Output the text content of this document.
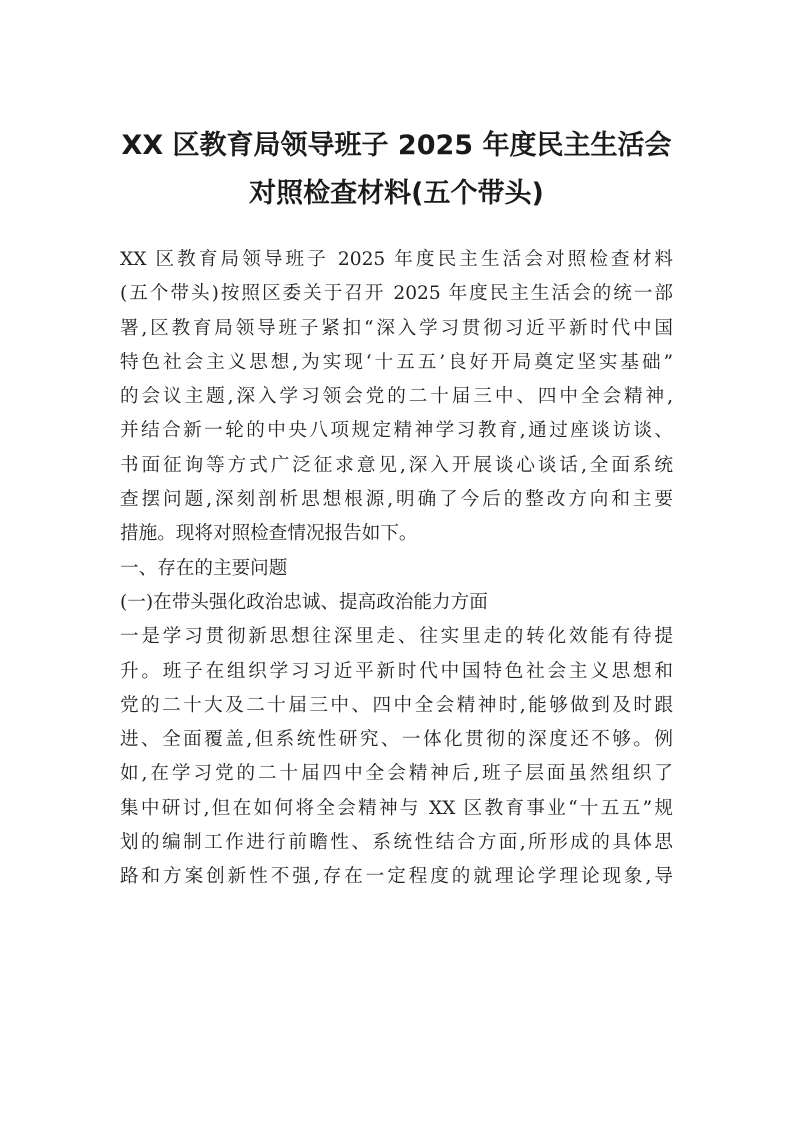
XX 区教育局领导班子 2025 年度民主生活会
对照检查材料(五个带头)
XX 区教育局领导班子 2025 年度民主生活会对照检查材料
(五个带头)按照区委关于召开 2025 年度民主生活会的统一部
署,区教育局领导班子紧扣“深入学习贯彻习近平新时代中国
特色社会主义思想,为实现‘十五五’良好开局奠定坚实基础”
的会议主题,深入学习领会党的二十届三中、四中全会精神,
并结合新一轮的中央八项规定精神学习教育,通过座谈访谈、
书面征询等方式广泛征求意见,深入开展谈心谈话,全面系统
查摆问题,深刻剖析思想根源,明确了今后的整改方向和主要
措施。现将对照检查情况报告如下。
一、存在的主要问题
(一)在带头强化政治忠诚、提高政治能力方面
一是学习贯彻新思想往深里走、往实里走的转化效能有待提
升。班子在组织学习习近平新时代中国特色社会主义思想和
党的二十大及二十届三中、四中全会精神时,能够做到及时跟
进、全面覆盖,但系统性研究、一体化贯彻的深度还不够。例
如,在学习党的二十届四中全会精神后,班子层面虽然组织了
集中研讨,但在如何将全会精神与 XX 区教育事业“十五五”规
划的编制工作进行前瞻性、系统性结合方面,所形成的具体思
路和方案创新性不强,存在一定程度的就理论学理论现象,导
